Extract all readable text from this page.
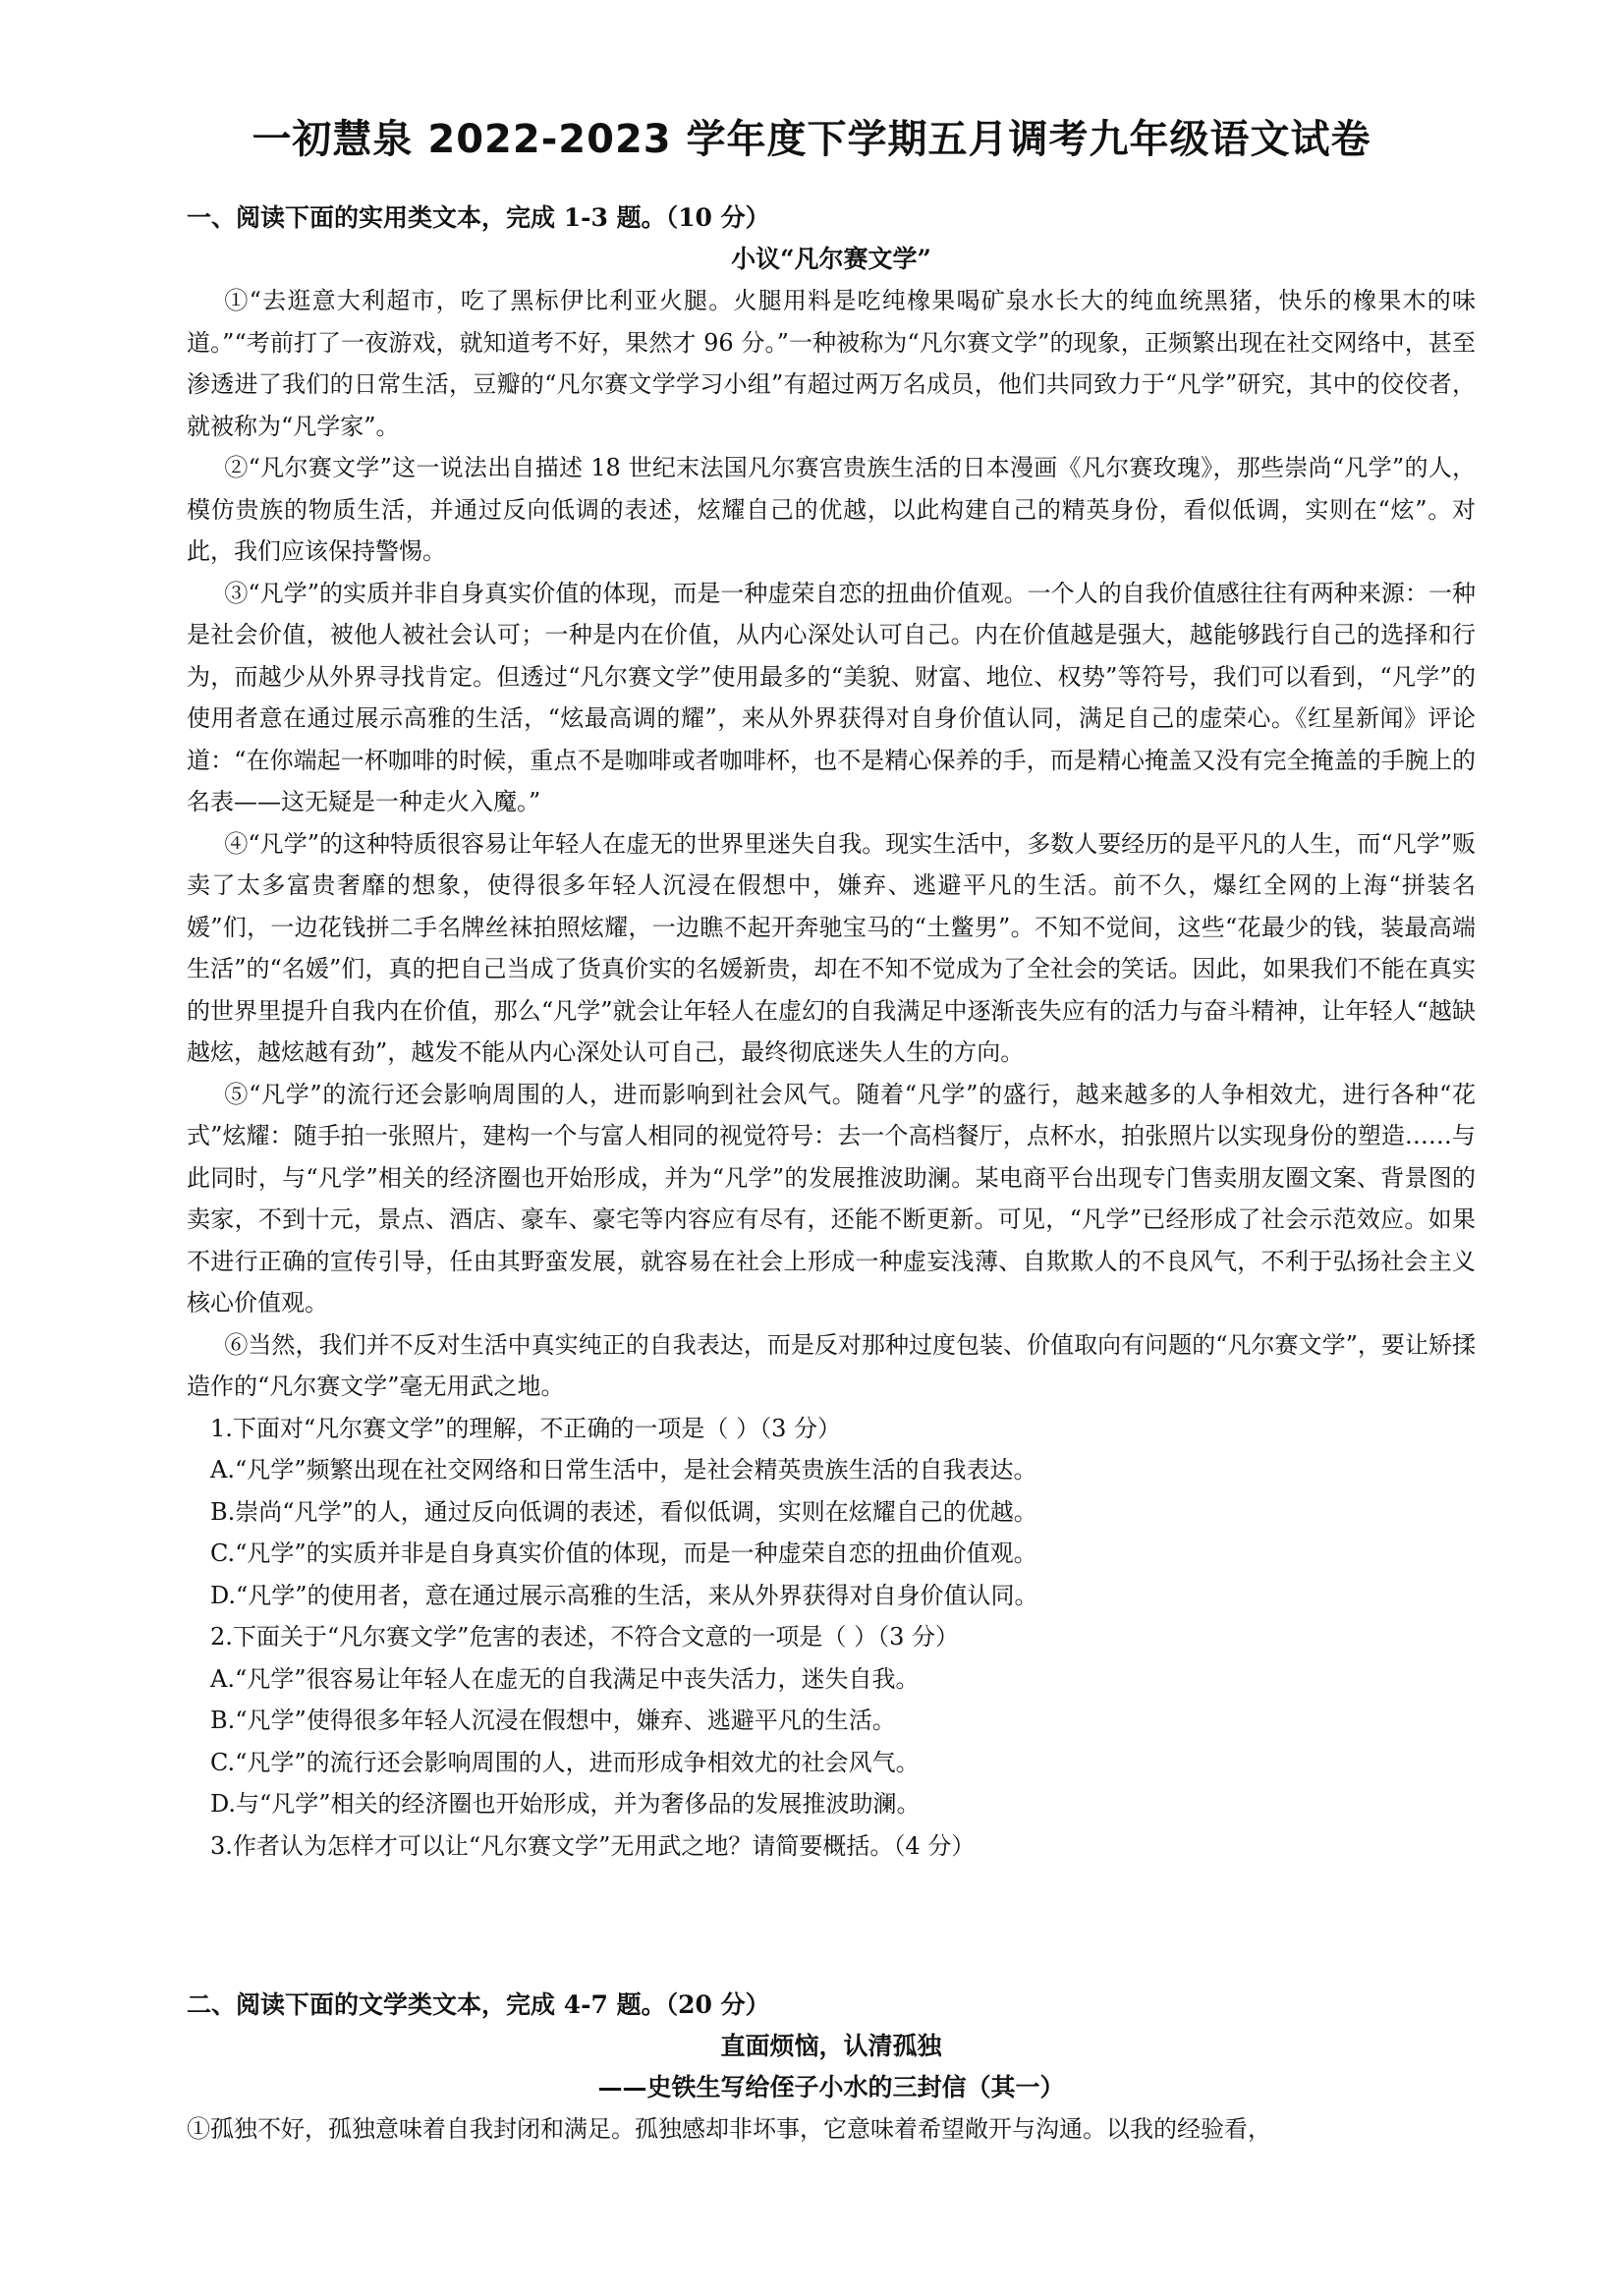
一初慧泉 2022-2023 学年度下学期五月调考九年级语文试卷

一、阅读下面的实用类文本，完成 1-3 题。（10 分）

小议“凡尔赛文学”

①“去逛意大利超市，吃了黑标伊比利亚火腿。火腿用料是吃纯橡果喝矿泉水长大的纯血统黑猪，快乐的橡果木的味道。”“考前打了一夜游戏，就知道考不好，果然才 96 分。”一种被称为“凡尔赛文学”的现象，正频繁出现在社交网络中，甚至渗透进了我们的日常生活，豆瓣的“凡尔赛文学学习小组”有超过两万名成员，他们共同致力于“凡学”研究，其中的佼佼者，就被称为“凡学家”。

②“凡尔赛文学”这一说法出自描述 18 世纪末法国凡尔赛宫贵族生活的日本漫画《凡尔赛玫瑰》，那些崇尚“凡学”的人，模仿贵族的物质生活，并通过反向低调的表述，炫耀自己的优越，以此构建自己的精英身份，看似低调，实则在“炫”。对此，我们应该保持警惕。

③“凡学”的实质并非自身真实价值的体现，而是一种虚荣自恋的扭曲价值观。一个人的自我价值感往往有两种来源：一种是社会价值，被他人被社会认可；一种是内在价值，从内心深处认可自己。内在价值越是强大，越能够践行自己的选择和行为，而越少从外界寻找肯定。但透过“凡尔赛文学”使用最多的“美貌、财富、地位、权势”等符号，我们可以看到，“凡学”的使用者意在通过展示高雅的生活，“炫最高调的耀”，来从外界获得对自身价值认同，满足自己的虚荣心。《红星新闻》评论道：“在你端起一杯咖啡的时候，重点不是咖啡或者咖啡杯，也不是精心保养的手，而是精心掩盖又没有完全掩盖的手腕上的名表——这无疑是一种走火入魔。”

④“凡学”的这种特质很容易让年轻人在虚无的世界里迷失自我。现实生活中，多数人要经历的是平凡的人生，而“凡学”贩卖了太多富贵奢靡的想象，使得很多年轻人沉浸在假想中，嫌弃、逃避平凡的生活。前不久，爆红全网的上海“拼装名媛”们，一边花钱拼二手名牌丝袜拍照炫耀，一边瞧不起开奔驰宝马的“土鳖男”。不知不觉间，这些“花最少的钱，装最高端生活”的“名媛”们，真的把自己当成了货真价实的名媛新贵，却在不知不觉成为了全社会的笑话。因此，如果我们不能在真实的世界里提升自我内在价值，那么“凡学”就会让年轻人在虚幻的自我满足中逐渐丧失应有的活力与奋斗精神，让年轻人“越缺越炫，越炫越有劲”，越发不能从内心深处认可自己，最终彻底迷失人生的方向。

⑤“凡学”的流行还会影响周围的人，进而影响到社会风气。随着“凡学”的盛行，越来越多的人争相效尤，进行各种“花式”炫耀：随手拍一张照片，建构一个与富人相同的视觉符号：去一个高档餐厅，点杯水，拍张照片以实现身份的塑造……与此同时，与“凡学”相关的经济圈也开始形成，并为“凡学”的发展推波助澜。某电商平台出现专门售卖朋友圈文案、背景图的卖家，不到十元，景点、酒店、豪车、豪宅等内容应有尽有，还能不断更新。可见，“凡学”已经形成了社会示范效应。如果不进行正确的宣传引导，任由其野蛮发展，就容易在社会上形成一种虚妄浅薄、自欺欺人的不良风气，不利于弘扬社会主义核心价值观。

⑥当然，我们并不反对生活中真实纯正的自我表达，而是反对那种过度包装、价值取向有问题的“凡尔赛文学”，要让矫揉造作的“凡尔赛文学”毫无用武之地。

1.下面对“凡尔赛文学”的理解，不正确的一项是（ ）（3 分）

A.“凡学”频繁出现在社交网络和日常生活中，是社会精英贵族生活的自我表达。

B.崇尚“凡学”的人，通过反向低调的表述，看似低调，实则在炫耀自己的优越。

C.“凡学”的实质并非是自身真实价值的体现，而是一种虚荣自恋的扭曲价值观。

D.“凡学”的使用者，意在通过展示高雅的生活，来从外界获得对自身价值认同。

2.下面关于“凡尔赛文学”危害的表述，不符合文意的一项是（ ）（3 分）

A.“凡学”很容易让年轻人在虚无的自我满足中丧失活力，迷失自我。

B.“凡学”使得很多年轻人沉浸在假想中，嫌弃、逃避平凡的生活。

C.“凡学”的流行还会影响周围的人，进而形成争相效尤的社会风气。

D.与“凡学”相关的经济圈也开始形成，并为奢侈品的发展推波助澜。

3.作者认为怎样才可以让“凡尔赛文学”无用武之地？请简要概括。（4 分）

二、阅读下面的文学类文本，完成 4-7 题。（20 分）

直面烦恼，认清孤独

——史铁生写给侄子小水的三封信（其一）

①孤独不好，孤独意味着自我封闭和满足。孤独感却非坏事，它意味着希望敞开与沟通。以我的经验看，
